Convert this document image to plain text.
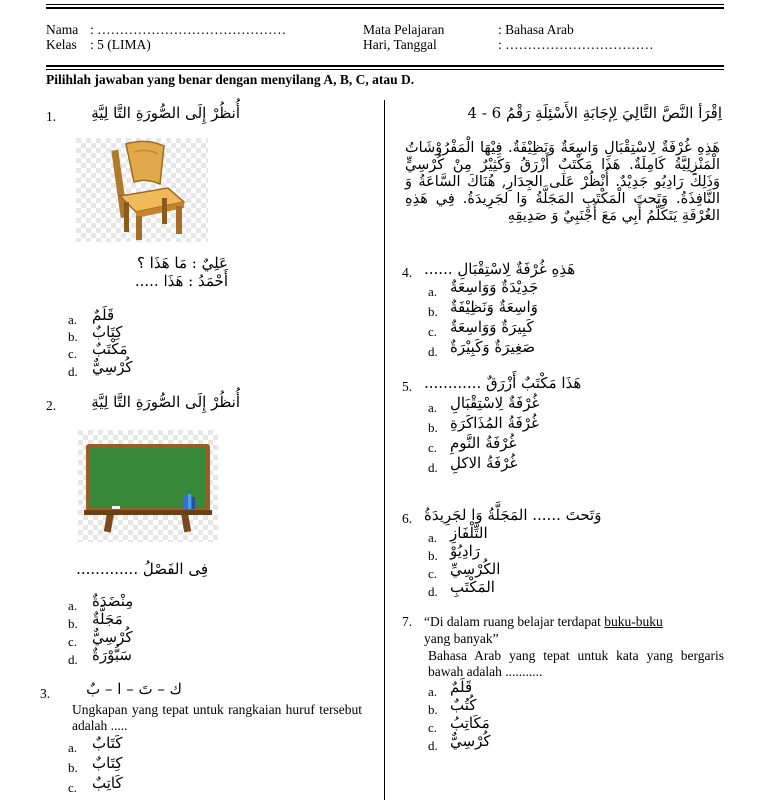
Nama : ……………………………………
Kelas : 5 (LIMA)
Mata Pelajaran	: Bahasa Arab
Hari, Tanggal	: ……………………………
Pilihlah jawaban yang benar dengan menyilang A, B, C, atau D.
1. أُنظُرْ إِلَى الصُّورَةِ التَّا لِيَّةِ
عَلِيٌ : مَا هَذَا ؟
أَحْمَدُ : هَذَا .....
a. قَلَمٌ
b. كِتَابٌ
c. مَكْتَبٌ
d. كُرْسِيٌّ
2. أُنظُرْ إِلَى الصُّورَةِ التَّا لِيَّةِ
فِى الفَصْلُ .............
a. مِنْضَدَةٌ
b. مَجَلَّةٌ
c. كُرْسِيٌّ
d. سَبُّوْرَةٌ
3. ك – تَ – ا – بٌ
Ungkapan yang tepat untuk rangkaian huruf tersebut adalah .....
a. كَتَابٌ
b. كِتَابٌ
c. كَاتِبٌ
اِقْرَأ النَّصَّ التَّالِيَ لِإجَابَةِ الأَسْئِلَةِ رَقْمُ 6 - 4
هَذِهِ غُرْفَةٌ لِاسْتِقْبَالِ وَاسِعَةٌ وَنَظِيْفَةٌ. فِيْهَا الْمَفْرُوْشَاتُ الْمَنْزِلِيَّةُ كَامِلَةٌ. هَذَا مَكْتَبٌ أَزْرَقُ وَكَثِيْرٌ مِنْ كُرْسِيٍّ وَذَلِكَ رَادِيُو جَدِيْدٌ. أُنْظُرْ عَلَى الجِدَارِ, هُنَاكَ السَّاعَةُ وَ النَّافِذَةُ. وَتَحتَ الْمَكْتَبِ المَجَلَّةُ وَا لجَرِيدَةُ. فِي هَذِهِ الغُرْفَةِ يَتَكَلَّمُ أَبِي مَعَ أَجْنَبِيٌ وَ صَدِيقِهِ
4. هَذِهِ غُرْفَةٌ لِاسْتِقْبَالِ ......
a. جَدِيْدَةٌ وَوَاسِعَةٌ
b. وَاسِعَةٌ وَنَظِيْفَةٌ
c. كَبِيرَةٌ وَوَاسِعَةٌ
d. صَغِيرَةٌ وَكَبِيْرَةٌ
5. هَذَا مَكْتَبٌ أَزْرَقٌ ............
a. غُرْفَةٌ لِاسْتِقْبَالِ
b. غُرْفَةُ المُذَاكَرَةِ
c. غُرْفَةُ النَّومِ
d. غُرْفَةُ الاكلِ
6. وَتَحتَ ...... المَجَلَّةُ وَا لجَرِيدَةُ
a. التِّلْفَازِ
b. رَادِيُوْ
c. الكُرْسِيِّ
d. المَكْتَبِ
7. “Di dalam ruang belajar terdapat buku-buku
yang banyak”
Bahasa Arab yang tepat untuk kata yang bergaris bawah adalah ...........
a. قَلَمٌ
b. كُتُبٌ
c. مَكَاتِبُ
d. كُرْسِيٌّ
